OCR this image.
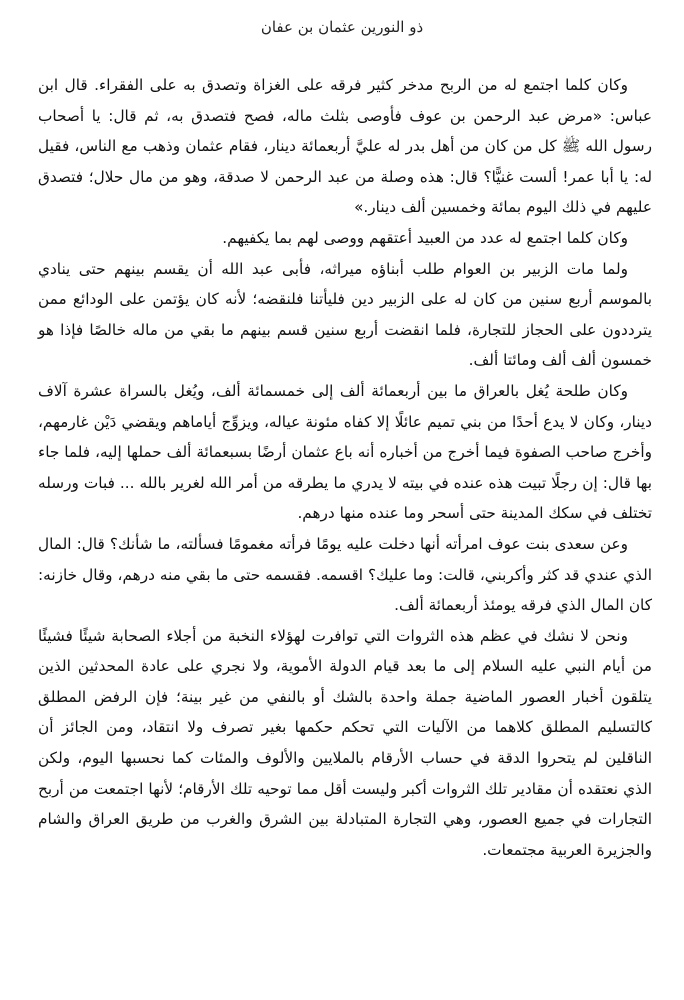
ذو النورين عثمان بن عفان

وكان كلما اجتمع له من الربح مدخر كثير فرقه على الغزاة وتصدق به على الفقراء. قال ابن عباس: «مرض عبد الرحمن بن عوف فأوصى بثلث ماله، فصح فتصدق به، ثم قال: يا أصحاب رسول الله ﷺ كل من كان من أهل بدر له عليَّ أربعمائة دينار، فقام عثمان وذهب مع الناس، فقيل له: يا أبا عمر! ألست غنيًّا؟ قال: هذه وصلة من عبد الرحمن لا صدقة، وهو من مال حلال؛ فتصدق عليهم في ذلك اليوم بمائة وخمسين ألف دينار.»

وكان كلما اجتمع له عدد من العبيد أعتقهم ووصى لهم بما يكفيهم.

ولما مات الزبير بن العوام طلب أبناؤه ميراثه، فأبى عبد الله أن يقسم بينهم حتى ينادي بالموسم أربع سنين من كان له على الزبير دين فليأتنا فلنقضه؛ لأنه كان يؤتمن على الودائع ممن يترددون على الحجاز للتجارة، فلما انقضت أربع سنين قسم بينهم ما بقي من ماله خالصًا فإذا هو خمسون ألف ألف ومائتا ألف.

وكان طلحة يُغل بالعراق ما بين أربعمائة ألف إلى خمسمائة ألف، ويُغل بالسراة عشرة آلاف دينار، وكان لا يدع أحدًا من بني تميم عائلًا إلا كفاه مئونة عياله، ويزوِّج أياماهم ويقضي دَيْن غارمهم، وأخرج صاحب الصفوة فيما أخرج من أخباره أنه باع عثمان أرضًا بسبعمائة ألف حملها إليه، فلما جاء بها قال: إن رجلًا تبيت هذه عنده في بيته لا يدري ما يطرقه من أمر الله لغرير بالله ... فبات ورسله تختلف في سكك المدينة حتى أسحر وما عنده منها درهم.

وعن سعدى بنت عوف امرأته أنها دخلت عليه يومًا فرأته مغمومًا فسألته، ما شأنك؟ قال: المال الذي عندي قد كثر وأكربني، قالت: وما عليك؟ اقسمه. فقسمه حتى ما بقي منه درهم، وقال خازنه: كان المال الذي فرقه يومئذ أربعمائة ألف.

ونحن لا نشك في عظم هذه الثروات التي توافرت لهؤلاء النخبة من أجلاء الصحابة شيئًا فشيئًا من أيام النبي عليه السلام إلى ما بعد قيام الدولة الأموية، ولا نجري على عادة المحدثين الذين يتلقون أخبار العصور الماضية جملة واحدة بالشك أو بالنفي من غير بينة؛ فإن الرفض المطلق كالتسليم المطلق كلاهما من الآليات التي تحكم حكمها بغير تصرف ولا انتقاد، ومن الجائز أن الناقلين لم يتحروا الدقة في حساب الأرقام بالملايين والألوف والمئات كما نحسبها اليوم، ولكن الذي نعتقده أن مقادير تلك الثروات أكبر وليست أقل مما توحيه تلك الأرقام؛ لأنها اجتمعت من أربح التجارات في جميع العصور، وهي التجارة المتبادلة بين الشرق والغرب من طريق العراق والشام والجزيرة العربية مجتمعات.
